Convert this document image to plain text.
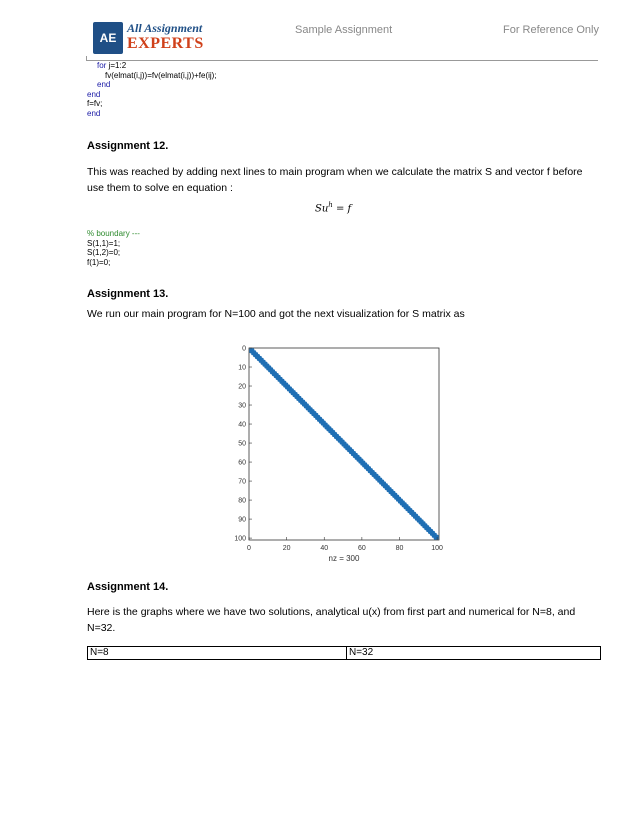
AE
All Assignment
EXPERTS
Sample Assignment	For Reference Only
for j=1:2
fv(elmat(i,j))=fv(elmat(i,j))+fe(ij);
end
end
f=fv;
end
Assignment 12.
This was reached by adding next lines to main program when we calculate the matrix S and vector f before use them to solve en equation :
$Su^h = f$
% boundary ---
S(1,1)=1;
S(1,2)=0;
f(1)=0;
Assignment 13.
We run our main program for N=100 and got the next visualization for S matrix as
0	20	40	60	80	100
0
10
20
30
40
50
60
70
80
90
100
nz = 300
Assignment 14.
Here is the graphs where we have two solutions, analytical u(x) from first part and numerical for N=8, and N=32.
N=8	N=32
